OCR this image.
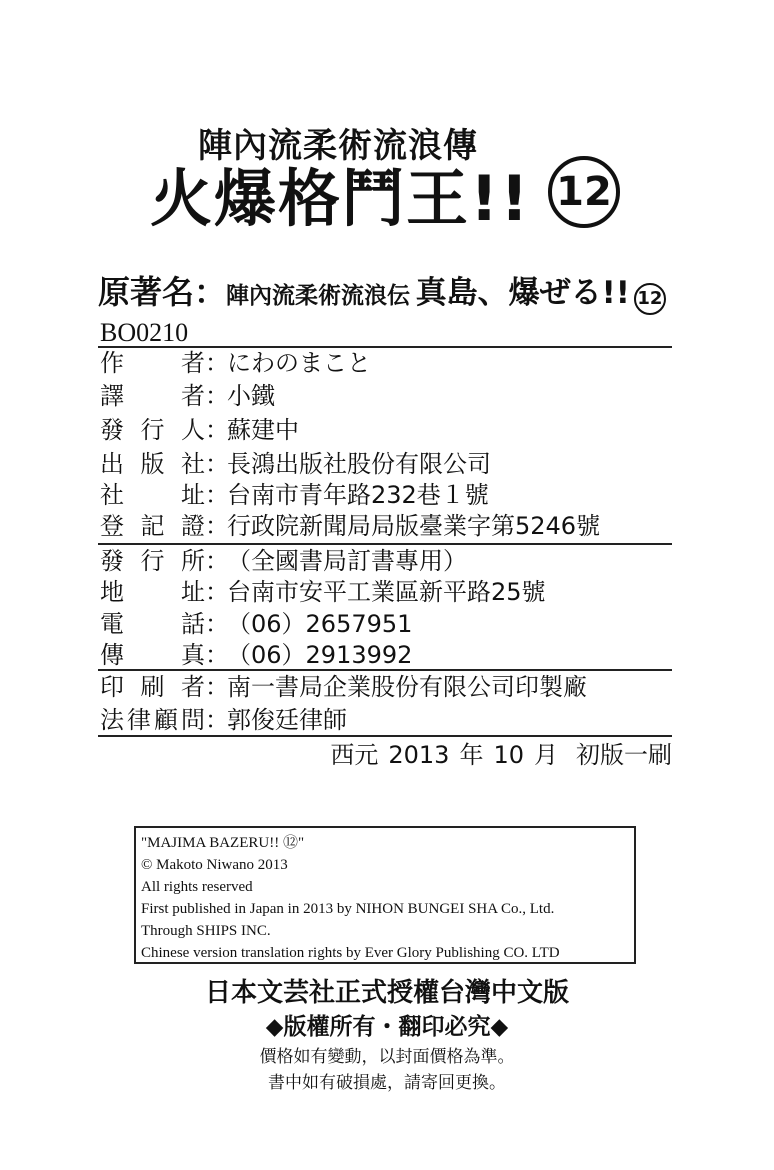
陣內流柔術流浪傳
火爆格鬥王!! 12
原著名：陣內流柔術流浪伝 真島、爆ぜる!! 12
BO0210
作者：にわのまこと
譯者：小鐵
發行人：蘇建中
出版社：長鴻出版社股份有限公司
社址：台南市青年路232巷１號
登記證：行政院新聞局局版臺業字第5246號
發行所：（全國書局訂書專用）
地址：台南市安平工業區新平路25號
電話：（06）2657951
傳真：（06）2913992
印刷者：南一書局企業股份有限公司印製廠
法律顧問：郭俊廷律師
西元 2013 年 10 月 初版一刷
"MAJIMA BAZERU!! ⑫"
© Makoto Niwano 2013
All rights reserved
First published in Japan in 2013 by NIHON BUNGEI SHA Co., Ltd.
Through SHIPS INC.
Chinese version translation rights by Ever Glory Publishing CO. LTD
日本文芸社正式授權台灣中文版
◆版權所有・翻印必究◆
價格如有變動，以封面價格為準。
書中如有破損處，請寄回更換。
